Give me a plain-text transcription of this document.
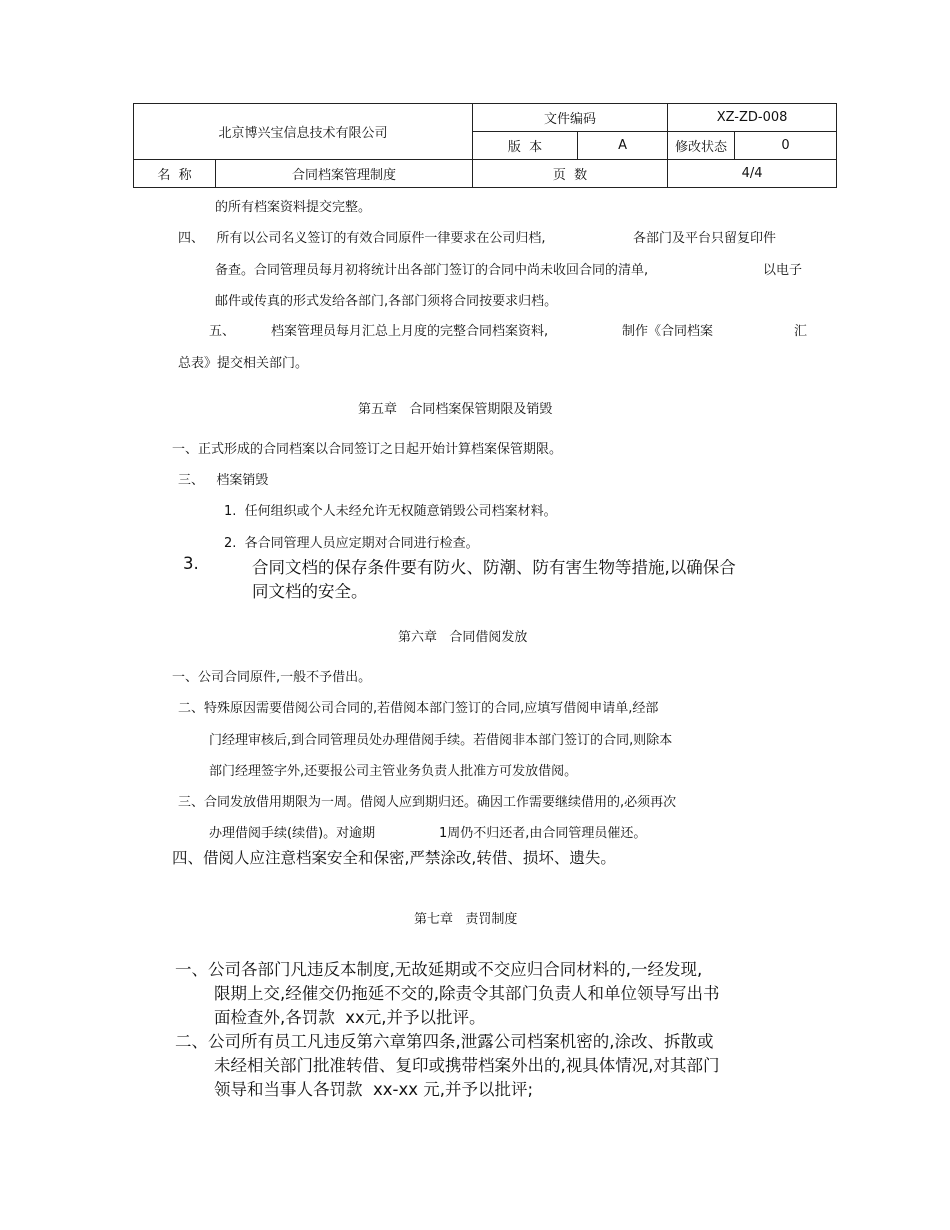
北京博兴宝信息技术有限公司		文件编码		XZ-ZD-008	
		版  本	A	修改状态	0
名  称	合同档案管理制度	页  数		4/4	
的所有档案资料提交完整。
四、   所有以公司名义签订的有效合同原件一律要求在公司归档,	各部门及平台只留复印件
备查。合同管理员每月初将统计出各部门签订的合同中尚未收回合同的清单,	以电子
邮件或传真的形式发给各部门,各部门须将合同按要求归档。
五、	档案管理员每月汇总上月度的完整合同档案资料,	制作《合同档案	汇
总表》提交相关部门。
第五章   合同档案保管期限及销毁
一、正式形成的合同档案以合同签订之日起开始计算档案保管期限。
三、   档案销毁
1.  任何组织或个人未经允许无权随意销毁公司档案材料。
2.  各合同管理人员应定期对合同进行检查。
3.	合同文档的保存条件要有防火、防潮、防有害生物等措施,以确保合
同文档的安全。
第六章   合同借阅发放
一、公司合同原件,一般不予借出。
二、特殊原因需要借阅公司合同的,若借阅本部门签订的合同,应填写借阅申请单,经部
门经理审核后,到合同管理员处办理借阅手续。若借阅非本部门签订的合同,则除本
部门经理签字外,还要报公司主管业务负责人批准方可发放借阅。
三、合同发放借用期限为一周。借阅人应到期归还。确因工作需要继续借用的,必须再次
办理借阅手续(续借)。对逾期	1周仍不归还者,由合同管理员催还。
四、借阅人应注意档案安全和保密,严禁涂改,转借、损坏、遗失。
第七章   责罚制度
一、公司各部门凡违反本制度,无故延期或不交应归合同材料的,一经发现,
限期上交,经催交仍拖延不交的,除责令其部门负责人和单位领导写出书
面检查外,各罚款  xx元,并予以批评。
二、公司所有员工凡违反第六章第四条,泄露公司档案机密的,涂改、拆散或
未经相关部门批准转借、复印或携带档案外出的,视具体情况,对其部门
领导和当事人各罚款  xx-xx 元,并予以批评;
